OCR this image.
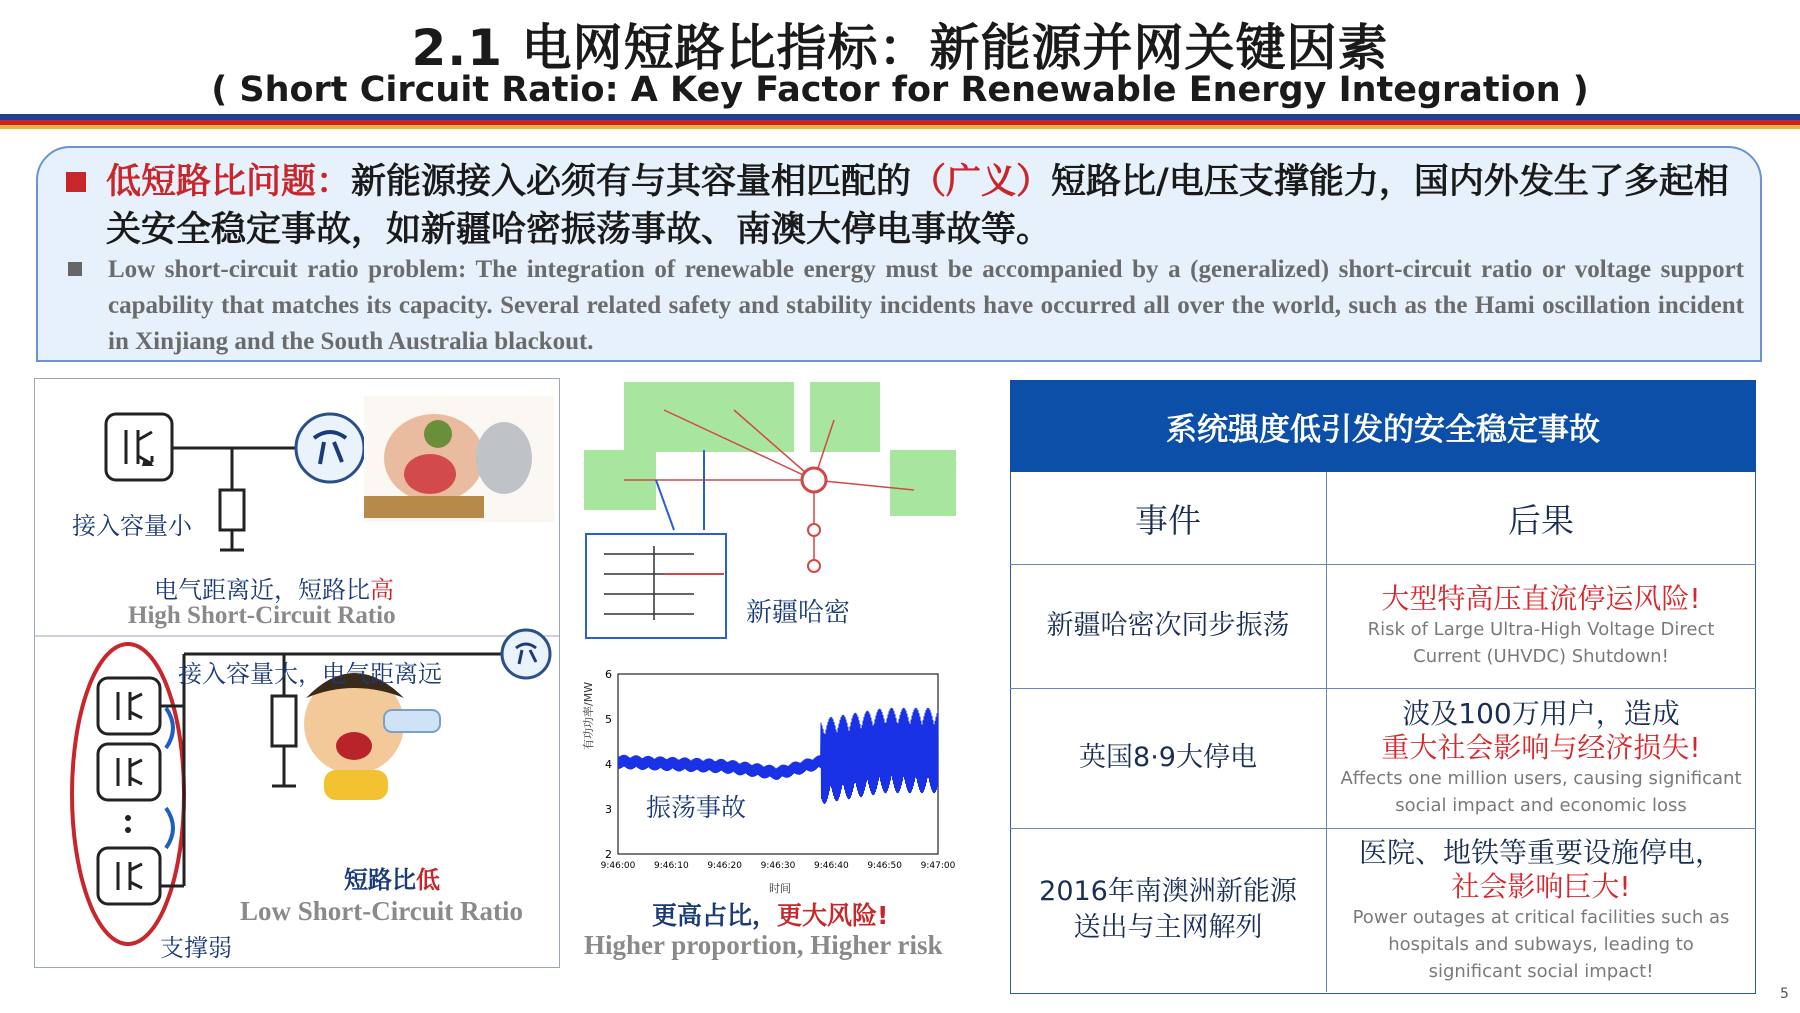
2.1 电网短路比指标：新能源并网关键因素
( Short Circuit Ratio: A Key Factor for Renewable Energy Integration )
低短路比问题：新能源接入必须有与其容量相匹配的（广义）短路比/电压支撑能力，国内外发生了多起相关安全稳定事故，如新疆哈密振荡事故、南澳大停电事故等。
Low short-circuit ratio problem: The integration of renewable energy must be accompanied by a (generalized) short-circuit ratio or voltage support capability that matches its capacity. Several related safety and stability incidents have occurred all over the world, such as the Hami oscillation incident in Xinjiang and the South Australia blackout.
接入容量小
电气距离近，短路比高
High Short-Circuit Ratio
接入容量大，电气距离远
短路比低
Low Short-Circuit Ratio
支撑弱
新疆哈密
有功功率/MW
时间
6
5
4
3
2
9:46:00 9:46:10 9:46:20 9:46:30 9:46:40 9:46:50 9:47:00
振荡事故
更高占比，更大风险!
Higher proportion, Higher risk
系统强度低引发的安全稳定事故
事件	后果
新疆哈密次同步振荡
大型特高压直流停运风险!
Risk of Large Ultra-High Voltage Direct Current (UHVDC) Shutdown!
英国8·9大停电
波及100万用户，造成
重大社会影响与经济损失!
Affects one million users, causing significant social impact and economic loss
2016年南澳洲新能源送出与主网解列
医院、地铁等重要设施停电，
社会影响巨大!
Power outages at critical facilities such as hospitals and subways, leading to significant social impact!
5
